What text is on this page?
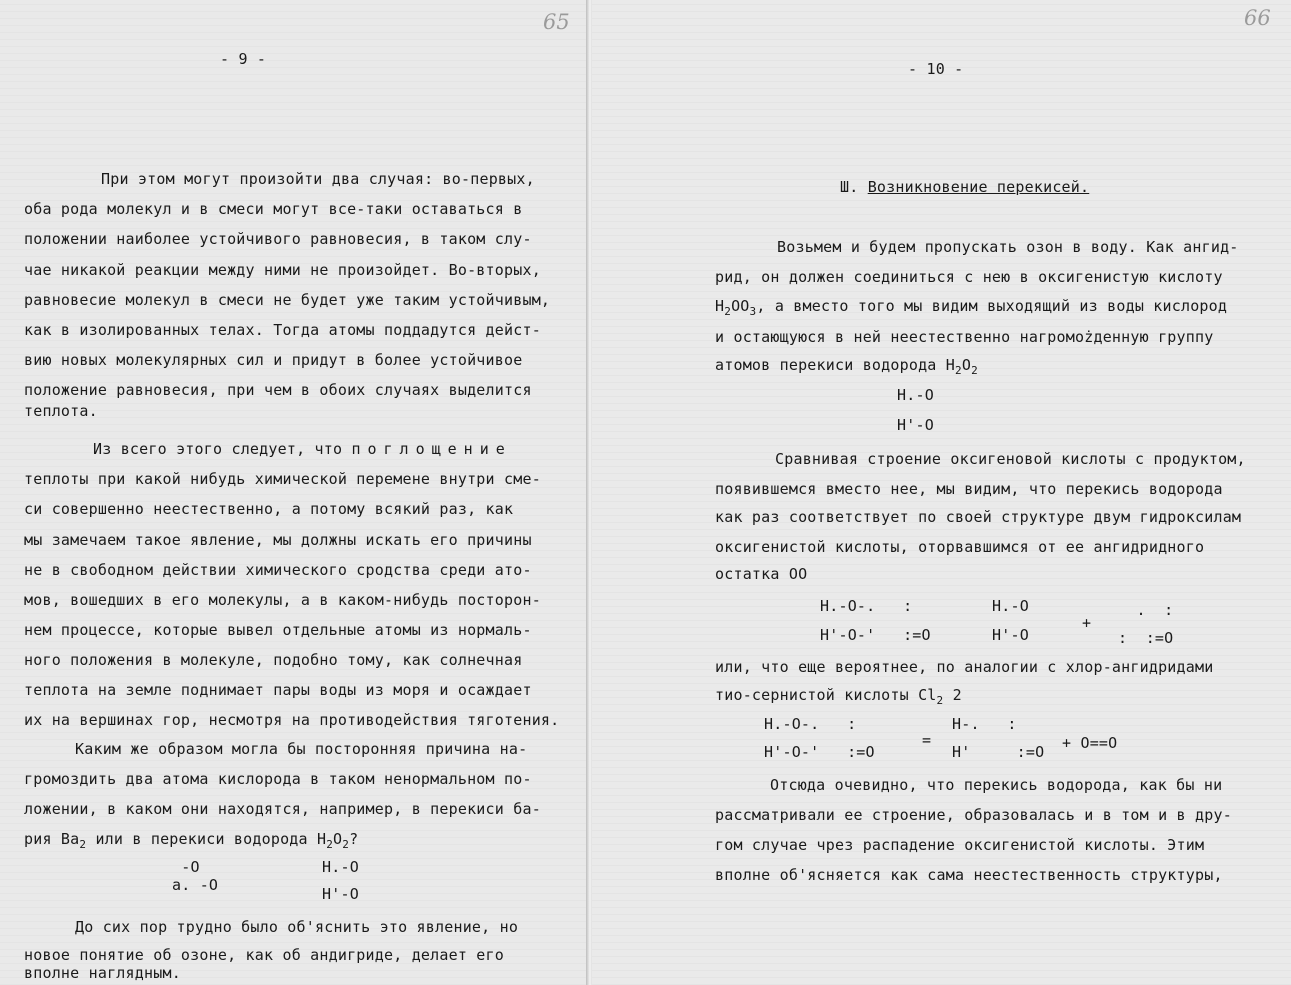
65
- 9 -
При этом могут произойти два случая: во-первых,
оба рода молекул и в смеси могут все-таки оставаться в
положении наиболее устойчивого равновесия, в таком слу-
чае никакой реакции между ними не произойдет. Во-вторых,
равновесие молекул в смеси не будет уже таким устойчивым,
как в изолированных телах. Тогда атомы поддадутся дейст-
вию новых молекулярных сил и придут в более устойчивое
положение равновесия, при чем в обоих случаях выделится
теплота.
Из всего этого следует, что поглощение
теплоты при какой нибудь химической перемене внутри сме-
си совершенно неестественно, а потому всякий раз, как
мы замечаем такое явление, мы должны искать его причины
не в свободном действии химического сродства среди ато-
мов, вошедших в его молекулы, а в каком-нибудь посторон-
нем процессе, которые вывел отдельные атомы из нормаль-
ного положения в молекуле, подобно тому, как солнечная
теплота на земле поднимает пары воды из моря и осаждает
их на вершинах гор, несмотря на противодействия тяготения.
Каким же образом могла бы посторонняя причина на-
громоздить два атома кислорода в таком ненормальном по-
ложении, в каком они находятся, например, в перекиси ба-
рия $Ba_2$ или в перекиси водорода $H_2O_2$?
-O
a. -O
H.-O
H'-O
До сих пор трудно было об'яснить это явление, но
новое понятие об озоне, как об андигриде, делает его
вполне наглядным.
66
- 10 -
Ш. Возникновение перекисей.
Возьмем и будем пропускать озон в воду. Как ангид-
рид, он должен соединиться с нею в оксигенистую кислоту
$H_2OO_3$, а вместо того мы видим выходящий из воды кислород
и остающуюся в ней неестественно нагромożденную группу
атомов перекиси водорода $H_2O_2$
H.-O
H'-O
Сравнивая строение оксигеновой кислоты с продуктом,
появившемся вместо нее, мы видим, что перекись водорода
как раз соответствует по своей структуре двум гидроксилам
оксигенистой кислоты, оторвавшимся от ее ангидридного
остатка OO
H.-O-.   :
H'-O-'   :=O
H.-O
H'-O
+
.  :
:  :=O
или, что еще вероятнее, по аналогии с хлор-ангидридами
тио-сернистой кислоты $Cl_2$ 2
H.-O-.   :
H'-O-'   :=O
=
H-.   :
H'     :=O + O==O
Отсюда очевидно, что перекись водорода, как бы ни
рассматривали ее строение, образовалась и в том и в дру-
гом случае чрез распадение оксигенистой кислоты. Этим
вполне об'ясняется как сама неестественность структуры,
